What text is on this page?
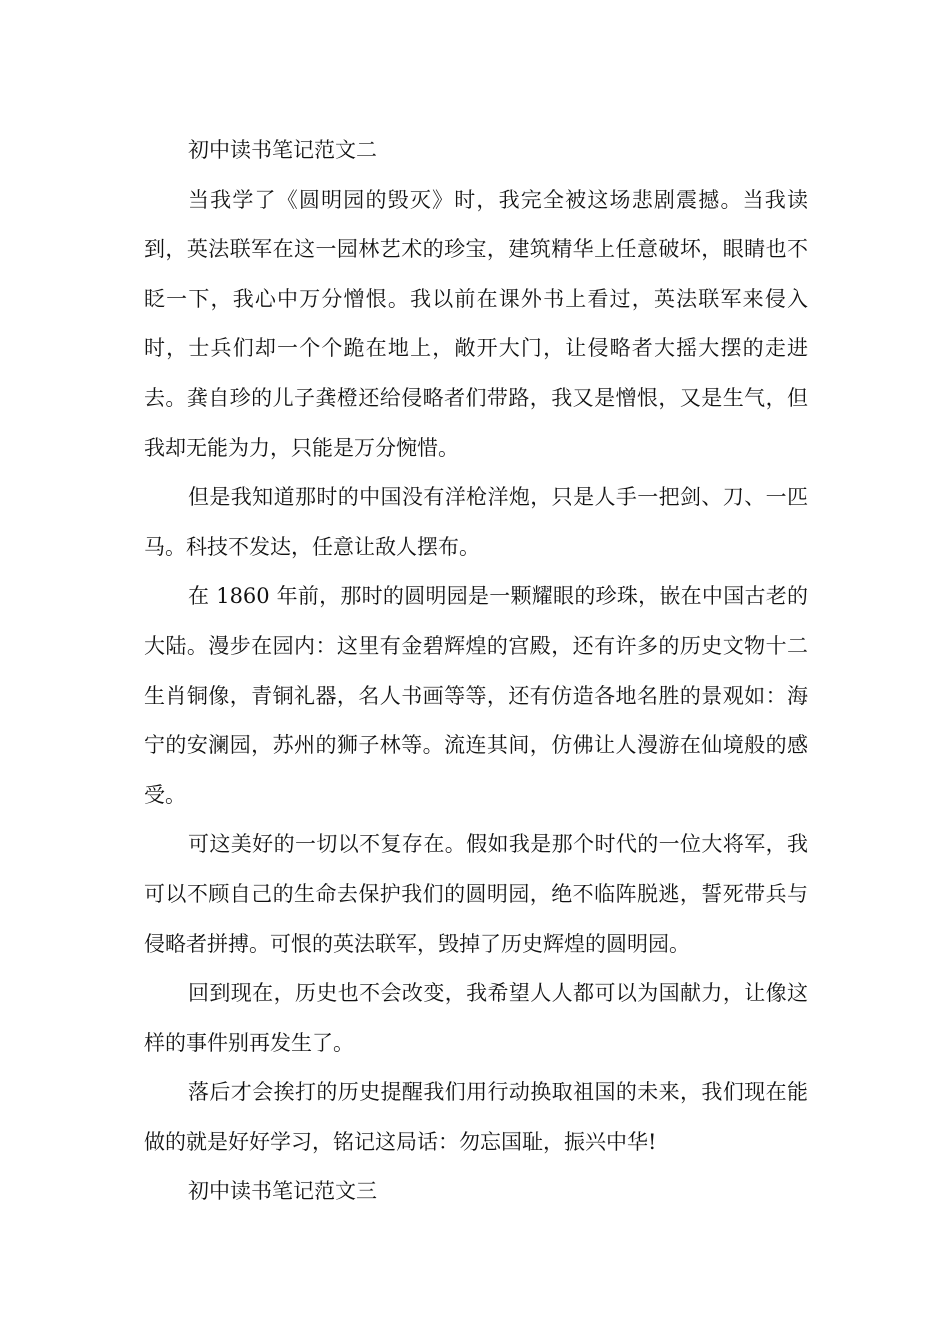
初中读书笔记范文二

当我学了《圆明园的毁灭》时，我完全被这场悲剧震撼。当我读到，英法联军在这一园林艺术的珍宝，建筑精华上任意破坏，眼睛也不眨一下，我心中万分憎恨。我以前在课外书上看过，英法联军来侵入时，士兵们却一个个跪在地上，敞开大门，让侵略者大摇大摆的走进去。龚自珍的儿子龚橙还给侵略者们带路，我又是憎恨，又是生气，但我却无能为力，只能是万分惋惜。

但是我知道那时的中国没有洋枪洋炮，只是人手一把剑、刀、一匹马。科技不发达，任意让敌人摆布。

在 1860 年前，那时的圆明园是一颗耀眼的珍珠，嵌在中国古老的大陆。漫步在园内：这里有金碧辉煌的宫殿，还有许多的历史文物十二生肖铜像，青铜礼器，名人书画等等，还有仿造各地名胜的景观如：海宁的安澜园，苏州的狮子林等。流连其间，仿佛让人漫游在仙境般的感受。

可这美好的一切以不复存在。假如我是那个时代的一位大将军，我可以不顾自己的生命去保护我们的圆明园，绝不临阵脱逃，誓死带兵与侵略者拼搏。可恨的英法联军，毁掉了历史辉煌的圆明园。

回到现在，历史也不会改变，我希望人人都可以为国献力，让像这样的事件别再发生了。

落后才会挨打的历史提醒我们用行动换取祖国的未来，我们现在能做的就是好好学习，铭记这局话：勿忘国耻，振兴中华!

初中读书笔记范文三
